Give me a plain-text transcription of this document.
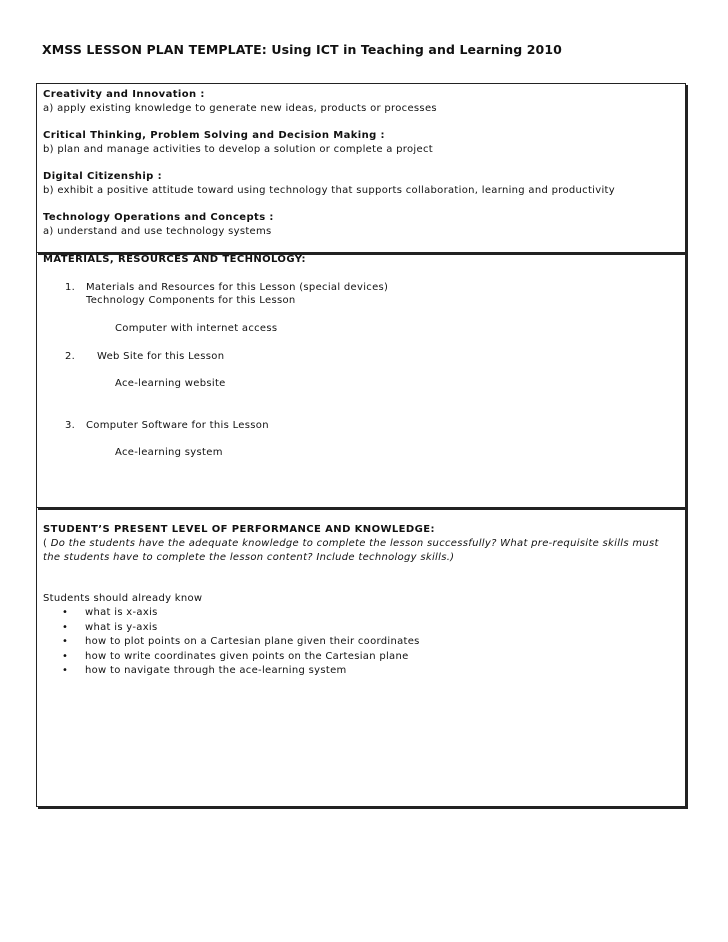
XMSS LESSON PLAN TEMPLATE: Using ICT in Teaching and Learning 2010
Creativity and Innovation :
a) apply existing knowledge to generate new ideas, products or processes
Critical Thinking, Problem Solving and Decision Making :
b) plan and manage activities to develop a solution or complete a project
Digital Citizenship :
b) exhibit a positive attitude toward using technology that supports collaboration, learning and productivity
Technology Operations and Concepts :
a) understand and use technology systems
MATERIALS, RESOURCES AND TECHNOLOGY:
1. Materials and Resources for this Lesson (special devices)
Technology Components for this Lesson
Computer with internet access
2. Web Site for this Lesson
Ace-learning website
3. Computer Software for this Lesson
Ace-learning system
STUDENT’S PRESENT LEVEL OF PERFORMANCE AND KNOWLEDGE:
( Do the students have the adequate knowledge to complete the lesson successfully? What pre-requisite skills must
the students have to complete the lesson content? Include technology skills.)
Students should already know
• what is x-axis
• what is y-axis
• how to plot points on a Cartesian plane given their coordinates
• how to write coordinates given points on the Cartesian plane
• how to navigate through the ace-learning system
